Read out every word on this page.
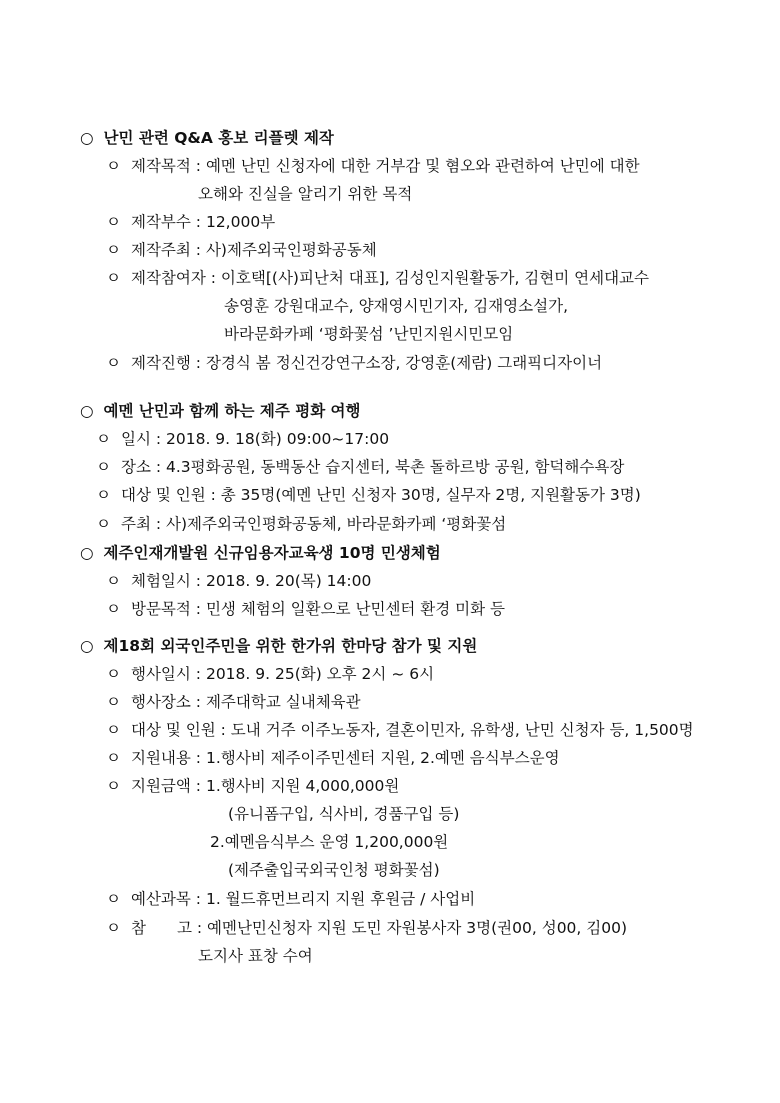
○ 난민 관련 Q&A 홍보 리플렛 제작
ㅇ 제작목적 : 예멘 난민 신청자에 대한 거부감 및 혐오와 관련하여 난민에 대한
오해와 진실을 알리기 위한 목적
ㅇ 제작부수 : 12,000부
ㅇ 제작주최 : 사)제주외국인평화공동체
ㅇ 제작참여자 : 이호택[(사)피난처 대표], 김성인지원활동가, 김현미 연세대교수
송영훈 강원대교수, 양재영시민기자, 김재영소설가,
바라문화카페 ‘평화꽃섬 ’난민지원시민모임
ㅇ 제작진행 : 장경식 봄 정신건강연구소장, 강영훈(제람) 그래픽디자이너
○ 예멘 난민과 함께 하는 제주 평화 여행
ㅇ 일시 : 2018. 9. 18(화) 09:00~17:00
ㅇ 장소 : 4.3평화공원, 동백동산 습지센터, 북촌 돌하르방 공원, 함덕해수욕장
ㅇ 대상 및 인원 : 총 35명(예멘 난민 신청자 30명, 실무자 2명, 지원활동가 3명)
ㅇ 주최 : 사)제주외국인평화공동체, 바라문화카페 ‘평화꽃섬
○ 제주인재개발원 신규임용자교육생 10명 민생체험
ㅇ 체험일시 : 2018. 9. 20(목) 14:00
ㅇ 방문목적 : 민생 체험의 일환으로 난민센터 환경 미화 등
○ 제18회 외국인주민을 위한 한가위 한마당 참가 및 지원
ㅇ 행사일시 : 2018. 9. 25(화) 오후 2시 ~ 6시
ㅇ 행사장소 : 제주대학교 실내체육관
ㅇ 대상 및 인원 : 도내 거주 이주노동자, 결혼이민자, 유학생, 난민 신청자 등, 1,500명
ㅇ 지원내용 : 1.행사비 제주이주민센터 지원, 2.예멘 음식부스운영
ㅇ 지원금액 : 1.행사비 지원 4,000,000원
(유니폼구입, 식사비, 경품구입 등)
2.예멘음식부스 운영 1,200,000원
(제주출입국외국인청 평화꽃섬)
ㅇ 예산과목 : 1. 월드휴먼브리지 지원 후원금 / 사업비
ㅇ 참　　고 : 예멘난민신청자 지원 도민 자원봉사자 3명(권00, 성00, 김00)
도지사 표창 수여
